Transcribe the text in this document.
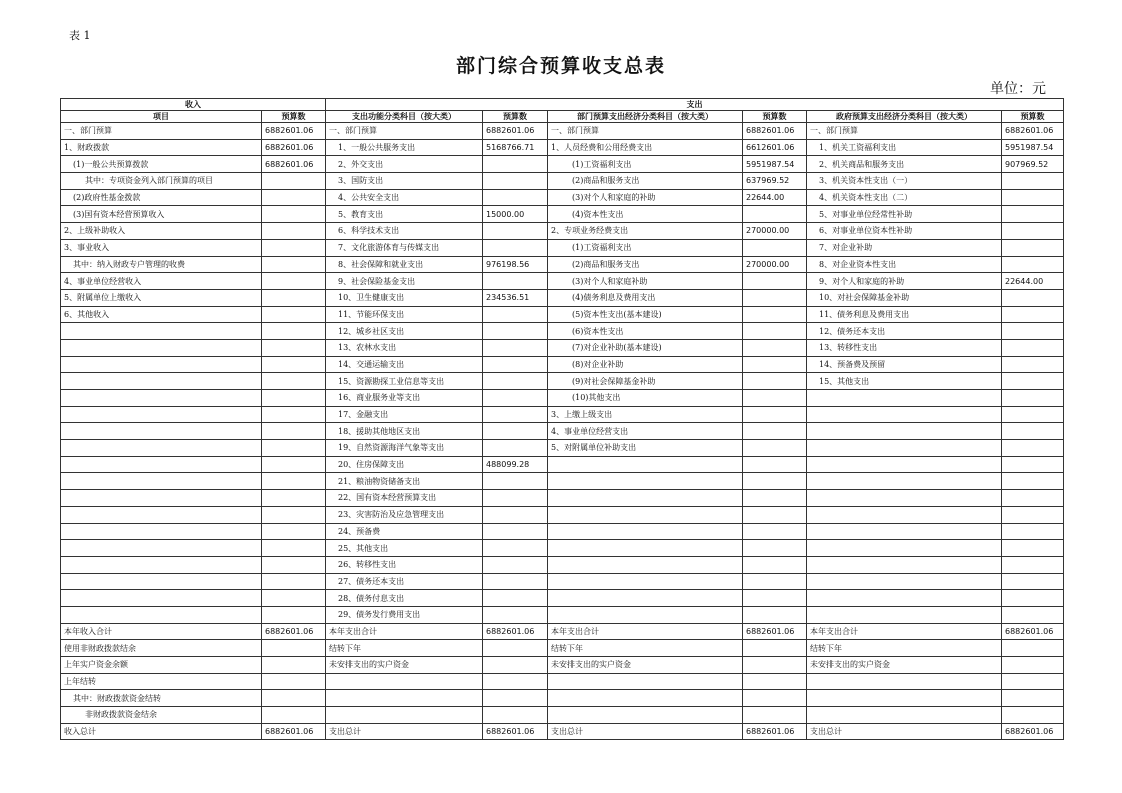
表 1
部门综合预算收支总表
单位：元
收入		支出					
项目	预算数	支出功能分类科目（按大类）	预算数	部门预算支出经济分类科目（按大类）	预算数	政府预算支出经济分类科目（按大类）	预算数
一、部门预算	6882601.06	一、部门预算	6882601.06	一、部门预算	6882601.06	一、部门预算	6882601.06
1、财政拨款	6882601.06	1、一般公共服务支出	5168766.71	1、人员经费和公用经费支出	6612601.06	1、机关工资福利支出	5951987.54
(1)一般公共预算拨款	6882601.06	2、外交支出		(1)工资福利支出	5951987.54	2、机关商品和服务支出	907969.52
其中：专项资金列入部门预算的项目		3、国防支出		(2)商品和服务支出	637969.52	3、机关资本性支出（一）	
(2)政府性基金拨款		4、公共安全支出		(3)对个人和家庭的补助	22644.00	4、机关资本性支出（二）	
(3)国有资本经营预算收入		5、教育支出	15000.00	(4)资本性支出		5、对事业单位经常性补助	
2、上级补助收入		6、科学技术支出		2、专项业务经费支出	270000.00	6、对事业单位资本性补助	
3、事业收入		7、文化旅游体育与传媒支出		(1)工资福利支出		7、对企业补助	
其中：纳入财政专户管理的收费		8、社会保障和就业支出	976198.56	(2)商品和服务支出	270000.00	8、对企业资本性支出	
4、事业单位经营收入		9、社会保险基金支出		(3)对个人和家庭补助		9、对个人和家庭的补助	22644.00
5、附属单位上缴收入		10、卫生健康支出	234536.51	(4)债务利息及费用支出		10、对社会保障基金补助	
6、其他收入		11、节能环保支出		(5)资本性支出(基本建设)		11、债务利息及费用支出	
		12、城乡社区支出		(6)资本性支出		12、债务还本支出	
		13、农林水支出		(7)对企业补助(基本建设)		13、转移性支出	
		14、交通运输支出		(8)对企业补助		14、预备费及预留	
		15、资源勘探工业信息等支出		(9)对社会保障基金补助		15、其他支出	
		16、商业服务业等支出		(10)其他支出			
		17、金融支出		3、上缴上级支出			
		18、援助其他地区支出		4、事业单位经营支出			
		19、自然资源海洋气象等支出		5、对附属单位补助支出			
		20、住房保障支出	488099.28				
		21、粮油物资储备支出					
		22、国有资本经营预算支出					
		23、灾害防治及应急管理支出					
		24、预备费					
		25、其他支出					
		26、转移性支出					
		27、债务还本支出					
		28、债务付息支出					
		29、债务发行费用支出					
本年收入合计	6882601.06	本年支出合计	6882601.06	本年支出合计	6882601.06	本年支出合计	6882601.06
使用非财政拨款结余		结转下年		结转下年		结转下年	
上年实户资金余额		未安排支出的实户资金		未安排支出的实户资金		未安排支出的实户资金	
上年结转							
其中：财政拨款资金结转							
非财政拨款资金结余							
收入总计	6882601.06	支出总计	6882601.06	支出总计	6882601.06	支出总计	6882601.06
